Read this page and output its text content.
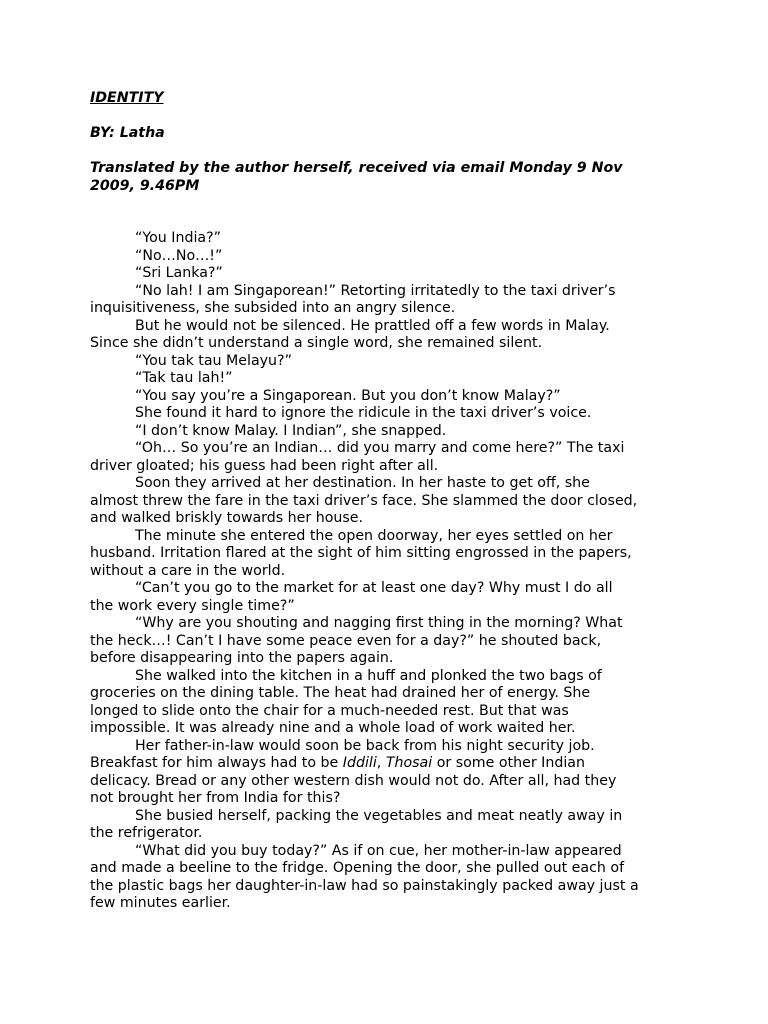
IDENTITY
BY: Latha
Translated by the author herself, received via email Monday 9 Nov
2009, 9.46PM
“You India?”
“No…No…!”
“Sri Lanka?”
“No lah! I am Singaporean!” Retorting irritatedly to the taxi driver’s
inquisitiveness, she subsided into an angry silence.
But he would not be silenced. He prattled off a few words in Malay.
Since she didn’t understand a single word, she remained silent.
“You tak tau Melayu?”
“Tak tau lah!”
“You say you’re a Singaporean. But you don’t know Malay?”
She found it hard to ignore the ridicule in the taxi driver’s voice.
“I don’t know Malay. I Indian”, she snapped.
“Oh… So you’re an Indian… did you marry and come here?” The taxi
driver gloated; his guess had been right after all.
Soon they arrived at her destination. In her haste to get off, she
almost threw the fare in the taxi driver’s face. She slammed the door closed,
and walked briskly towards her house.
The minute she entered the open doorway, her eyes settled on her
husband. Irritation flared at the sight of him sitting engrossed in the papers,
without a care in the world.
“Can’t you go to the market for at least one day? Why must I do all
the work every single time?”
“Why are you shouting and nagging first thing in the morning? What
the heck…! Can’t I have some peace even for a day?” he shouted back,
before disappearing into the papers again.
She walked into the kitchen in a huff and plonked the two bags of
groceries on the dining table. The heat had drained her of energy. She
longed to slide onto the chair for a much-needed rest. But that was
impossible. It was already nine and a whole load of work waited her.
Her father-in-law would soon be back from his night security job.
Breakfast for him always had to be Iddili, Thosai or some other Indian
delicacy. Bread or any other western dish would not do. After all, had they
not brought her from India for this?
She busied herself, packing the vegetables and meat neatly away in
the refrigerator.
“What did you buy today?” As if on cue, her mother-in-law appeared
and made a beeline to the fridge. Opening the door, she pulled out each of
the plastic bags her daughter-in-law had so painstakingly packed away just a
few minutes earlier.
